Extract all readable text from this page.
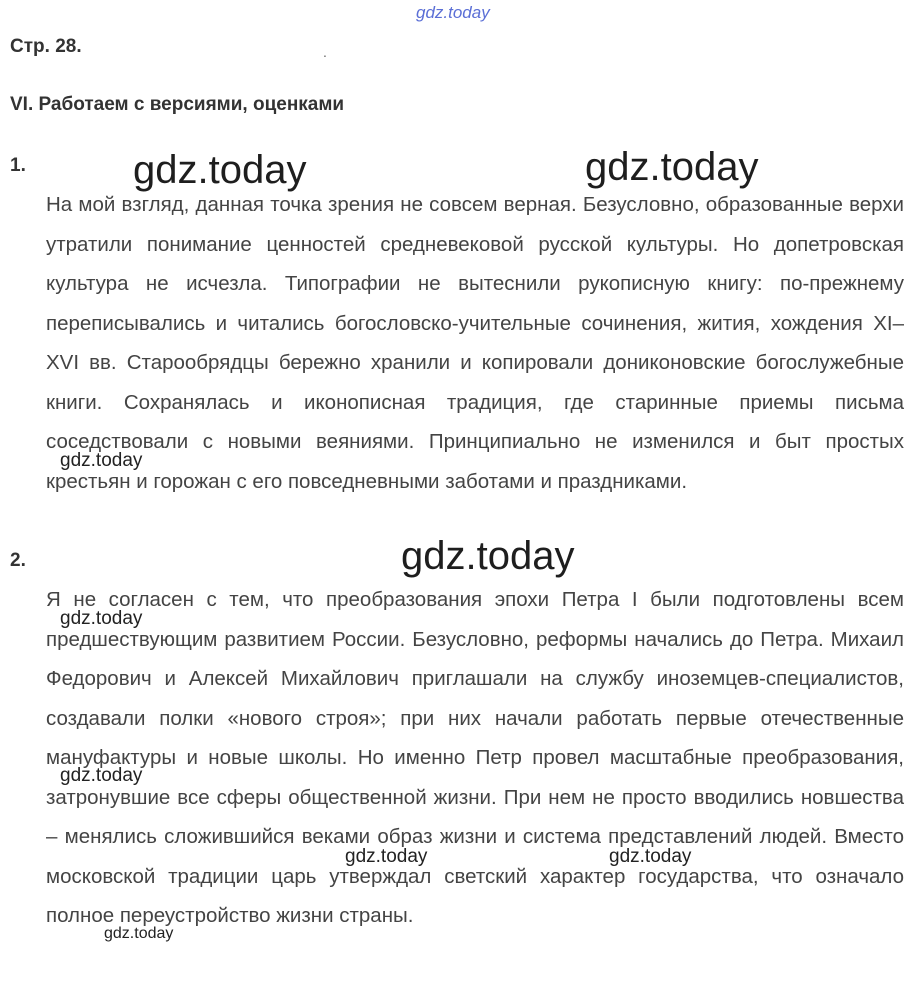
gdz.today
Стр. 28.	.
VI. Работаем с версиями, оценками
1.

На мой взгляд, данная точка зрения не совсем верная. Безусловно, образованные верхи утратили понимание ценностей средневековой русской культуры. Но допетровская культура не исчезла. Типографии не вытеснили рукописную книгу: по-прежнему переписывались и читались богословско-учительные сочинения, жития, хождения XI–XVI вв. Старообрядцы бережно хранили и копировали дониконовские богослужебные книги. Сохранялась и иконописная традиция, где старинные приемы письма соседствовали с новыми веяниями. Принципиально не изменился и быт простых крестьян и горожан с его повседневными заботами и праздниками.

2.

Я не согласен с тем, что преобразования эпохи Петра I были подготовлены всем предшествующим развитием России. Безусловно, реформы начались до Петра. Михаил Федорович и Алексей Михайлович приглашали на службу иноземцев-специалистов, создавали полки «нового строя»; при них начали работать первые отечественные мануфактуры и новые школы. Но именно Петр провел масштабные преобразования, затронувшие все сферы общественной жизни. При нем не просто вводились новшества – менялись сложившийся веками образ жизни и система представлений людей. Вместо московской традиции царь утверждал светский характер государства, что означало полное переустройство жизни страны.

gdz.today	gdz.today
gdz.today
gdz.today
gdz.today
gdz.today
gdz.today	gdz.today
gdz.today
